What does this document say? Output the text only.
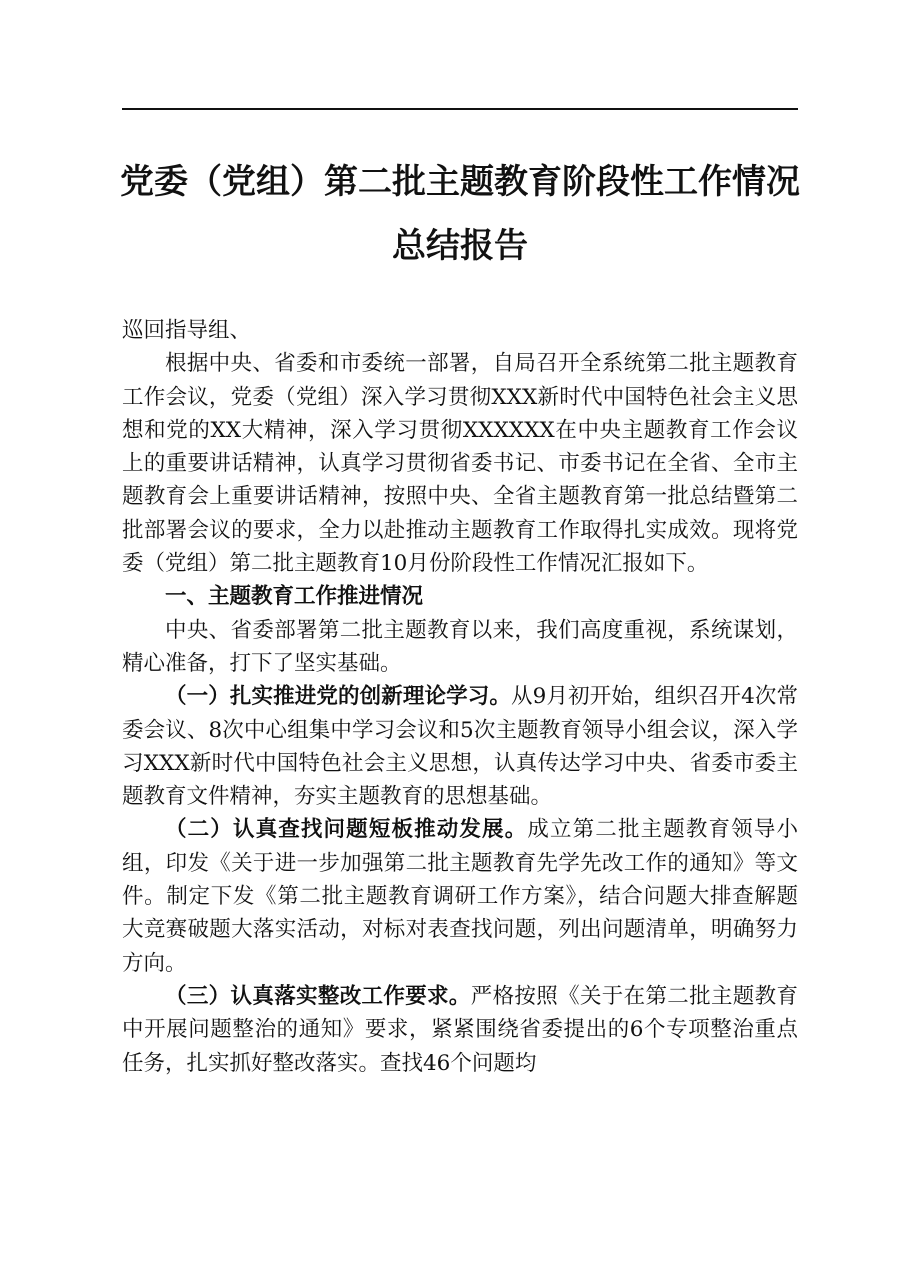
党委（党组）第二批主题教育阶段性工作情况
总结报告

巡回指导组、

根据中央、省委和市委统一部署，自局召开全系统第二批主题教育工作会议，党委（党组）深入学习贯彻XXX新时代中国特色社会主义思想和党的XX大精神，深入学习贯彻XXXXXX在中央主题教育工作会议上的重要讲话精神，认真学习贯彻省委书记、市委书记在全省、全市主题教育会上重要讲话精神，按照中央、全省主题教育第一批总结暨第二批部署会议的要求，全力以赴推动主题教育工作取得扎实成效。现将党委（党组）第二批主题教育10月份阶段性工作情况汇报如下。

一、主题教育工作推进情况

中央、省委部署第二批主题教育以来，我们高度重视，系统谋划，精心准备，打下了坚实基础。

（一）扎实推进党的创新理论学习。从9月初开始，组织召开4次常委会议、8次中心组集中学习会议和5次主题教育领导小组会议，深入学习XXX新时代中国特色社会主义思想，认真传达学习中央、省委市委主题教育文件精神，夯实主题教育的思想基础。

（二）认真查找问题短板推动发展。成立第二批主题教育领导小组，印发《关于进一步加强第二批主题教育先学先改工作的通知》等文件。制定下发《第二批主题教育调研工作方案》，结合问题大排查解题大竞赛破题大落实活动，对标对表查找问题，列出问题清单，明确努力方向。

（三）认真落实整改工作要求。严格按照《关于在第二批主题教育中开展问题整治的通知》要求，紧紧围绕省委提出的6个专项整治重点任务，扎实抓好整改落实。查找46个问题均
